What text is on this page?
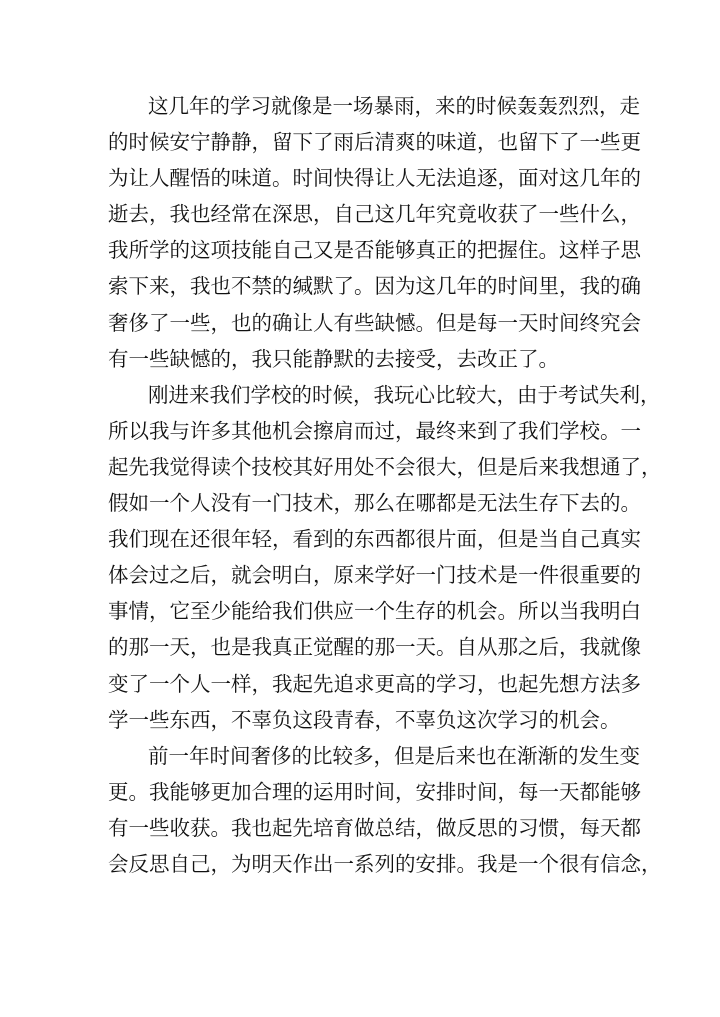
这几年的学习就像是一场暴雨，来的时候轰轰烈烈，走
的时候安宁静静，留下了雨后清爽的味道，也留下了一些更
为让人醒悟的味道。时间快得让人无法追逐，面对这几年的
逝去，我也经常在深思，自己这几年究竟收获了一些什么，
我所学的这项技能自己又是否能够真正的把握住。这样子思
索下来，我也不禁的缄默了。因为这几年的时间里，我的确
奢侈了一些，也的确让人有些缺憾。但是每一天时间终究会
有一些缺憾的，我只能静默的去接受，去改正了。
刚进来我们学校的时候，我玩心比较大，由于考试失利，
所以我与许多其他机会擦肩而过，最终来到了我们学校。一
起先我觉得读个技校其好用处不会很大，但是后来我想通了，
假如一个人没有一门技术，那么在哪都是无法生存下去的。
我们现在还很年轻，看到的东西都很片面，但是当自己真实
体会过之后，就会明白，原来学好一门技术是一件很重要的
事情，它至少能给我们供应一个生存的机会。所以当我明白
的那一天，也是我真正觉醒的那一天。自从那之后，我就像
变了一个人一样，我起先追求更高的学习，也起先想方法多
学一些东西，不辜负这段青春，不辜负这次学习的机会。
前一年时间奢侈的比较多，但是后来也在渐渐的发生变
更。我能够更加合理的运用时间，安排时间，每一天都能够
有一些收获。我也起先培育做总结，做反思的习惯，每天都
会反思自己，为明天作出一系列的安排。我是一个很有信念，
